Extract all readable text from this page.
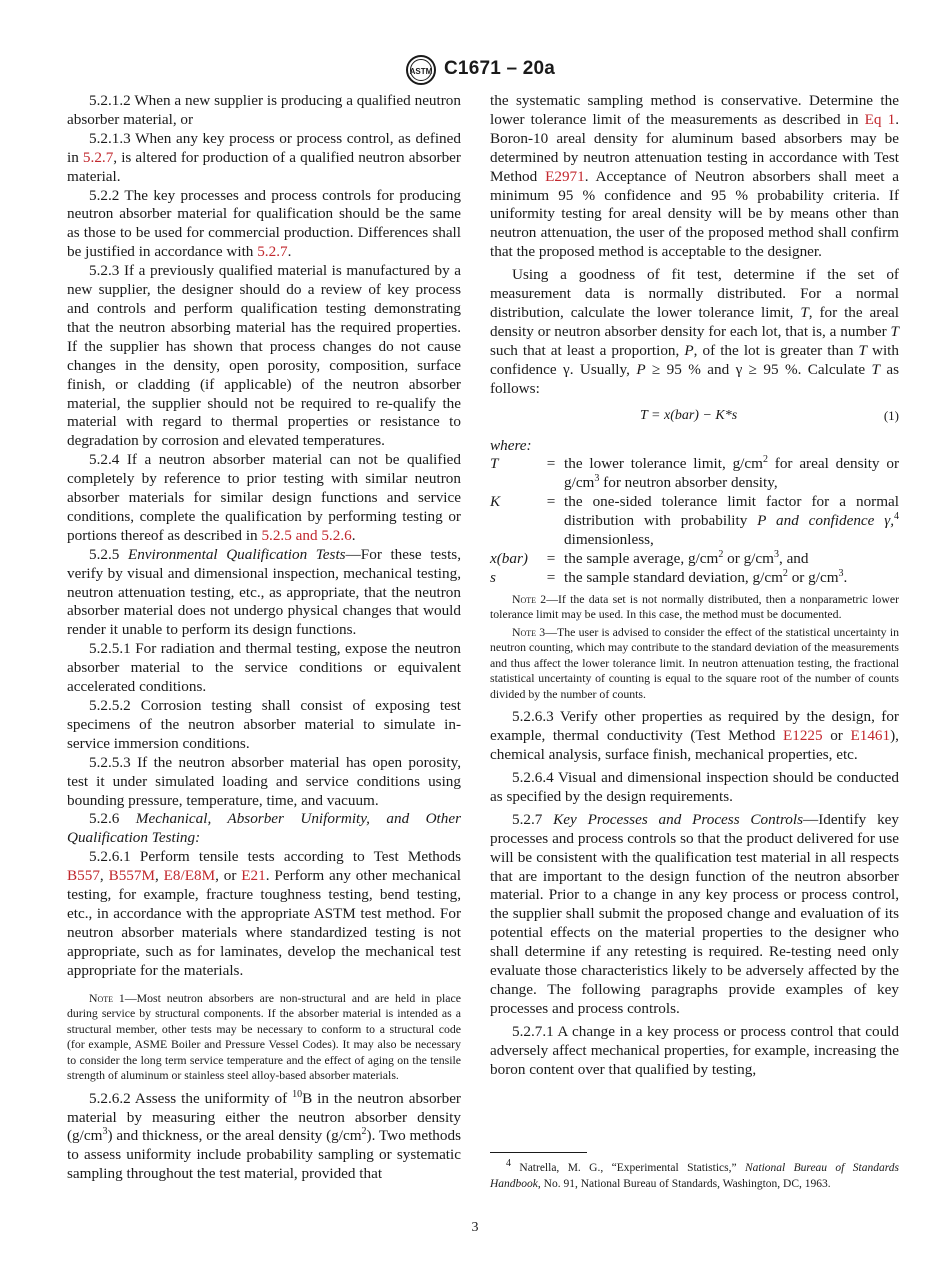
ASTM C1671 – 20a

5.2.1.2 When a new supplier is producing a qualified neutron absorber material, or

5.2.1.3 When any key process or process control, as defined in 5.2.7, is altered for production of a qualified neutron absorber material.

5.2.2 The key processes and process controls for producing neutron absorber material for qualification should be the same as those to be used for commercial production. Differences shall be justified in accordance with 5.2.7.

5.2.3 If a previously qualified material is manufactured by a new supplier, the designer should do a review of key process and controls and perform qualification testing demonstrating that the neutron absorbing material has the required properties. If the supplier has shown that process changes do not cause changes in the density, open porosity, composition, surface finish, or cladding (if applicable) of the neutron absorber material, the supplier should not be required to re-qualify the material with regard to thermal properties or resistance to degradation by corrosion and elevated temperatures.

5.2.4 If a neutron absorber material can not be qualified completely by reference to prior testing with similar neutron absorber materials for similar design functions and service conditions, complete the qualification by performing testing or portions thereof as described in 5.2.5 and 5.2.6.

5.2.5 Environmental Qualification Tests—For these tests, verify by visual and dimensional inspection, mechanical testing, neutron attenuation testing, etc., as appropriate, that the neutron absorber material does not undergo physical changes that would render it unable to perform its design functions.

5.2.5.1 For radiation and thermal testing, expose the neutron absorber material to the service conditions or equivalent accelerated conditions.

5.2.5.2 Corrosion testing shall consist of exposing test specimens of the neutron absorber material to simulate in-service immersion conditions.

5.2.5.3 If the neutron absorber material has open porosity, test it under simulated loading and service conditions using bounding pressure, temperature, time, and vacuum.

5.2.6 Mechanical, Absorber Uniformity, and Other Qualification Testing:

5.2.6.1 Perform tensile tests according to Test Methods B557, B557M, E8/E8M, or E21. Perform any other mechanical testing, for example, fracture toughness testing, bend testing, etc., in accordance with the appropriate ASTM test method. For neutron absorber materials where standardized testing is not appropriate, such as for laminates, develop the mechanical test appropriate for the materials.

Note 1—Most neutron absorbers are non-structural and are held in place during service by structural components. If the absorber material is intended as a structural member, other tests may be necessary to conform to a structural code (for example, ASME Boiler and Pressure Vessel Codes). It may also be necessary to consider the long term service temperature and the effect of aging on the tensile strength of aluminum or stainless steel alloy-based absorber materials.

5.2.6.2 Assess the uniformity of $^{10}$B in the neutron absorber material by measuring either the neutron absorber density $(g/cm^3)$ and thickness, or the areal density $(g/cm^2)$. Two methods to assess uniformity include probability sampling or systematic sampling throughout the test material, provided that

the systematic sampling method is conservative. Determine the lower tolerance limit of the measurements as described in Eq 1. Boron-10 areal density for aluminum based absorbers may be determined by neutron attenuation testing in accordance with Test Method E2971. Acceptance of Neutron absorbers shall meet a minimum 95 % confidence and 95 % probability criteria. If uniformity testing for areal density will be by means other than neutron attenuation, the user of the proposed method shall confirm that the proposed method is acceptable to the designer.

Using a goodness of fit test, determine if the set of measurement data is normally distributed. For a normal distribution, calculate the lower tolerance limit, T, for the areal density or neutron absorber density for each lot, that is, a number T such that at least a proportion, P, of the lot is greater than T with confidence γ. Usually, P ≥ 95 % and γ ≥ 95 %. Calculate T as follows:

T = x(bar) − K*s	(1)
where:
T	=	the lower tolerance limit, $g/cm^2$ for areal density or $g/cm^3$ for neutron absorber density,
K	=	the one-sided tolerance limit factor for a normal distribution with probability P and confidence γ,$^4$ dimensionless,
x(bar)	=	the sample average, $g/cm^2$ or $g/cm^3$, and
s	=	the sample standard deviation, $g/cm^2$ or $g/cm^3$.

Note 2—If the data set is not normally distributed, then a nonparametric lower tolerance limit may be used. In this case, the method must be documented.

Note 3—The user is advised to consider the effect of the statistical uncertainty in neutron counting, which may contribute to the standard deviation of the measurements and thus affect the lower tolerance limit. In neutron attenuation testing, the fractional statistical uncertainty of counting is equal to the square root of the number of counts divided by the number of counts.

5.2.6.3 Verify other properties as required by the design, for example, thermal conductivity (Test Method E1225 or E1461), chemical analysis, surface finish, mechanical properties, etc.

5.2.6.4 Visual and dimensional inspection should be conducted as specified by the design requirements.

5.2.7 Key Processes and Process Controls—Identify key processes and process controls so that the product delivered for use will be consistent with the qualification test material in all respects that are important to the design function of the neutron absorber material. Prior to a change in any key process or process control, the supplier shall submit the proposed change and evaluation of its potential effects on the material properties to the designer who shall determine if any retesting is required. Re-testing need only evaluate those characteristics likely to be adversely affected by the change. The following paragraphs provide examples of key processes and process controls.

5.2.7.1 A change in a key process or process control that could adversely affect mechanical properties, for example, increasing the boron content over that qualified by testing,

$^4$ Natrella, M. G., “Experimental Statistics,” National Bureau of Standards Handbook, No. 91, National Bureau of Standards, Washington, DC, 1963.

3
